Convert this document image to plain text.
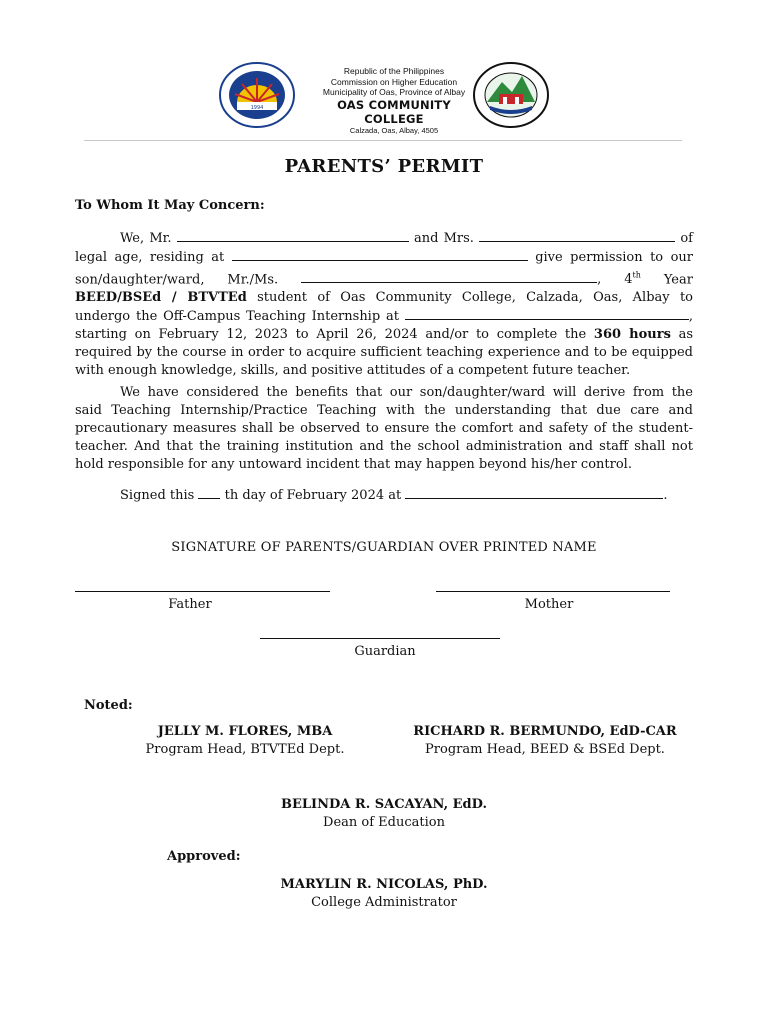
1994
Republic of the Philippines
Commission on Higher Education
Municipality of Oas, Province of Albay
OAS COMMUNITY COLLEGE
Calzada, Oas, Albay, 4505
PARENTS’ PERMIT
To Whom It May Concern:
We, Mr.	and Mrs.	of
legal age, residing at	give permission to our
son/daughter/ward, Mr./Ms.	, 4th Year
BEED/BSEd / BTVTEd student of Oas Community College, Calzada, Oas, Albay to
undergo the Off-Campus Teaching Internship at	,
starting on February 12, 2023 to April 26, 2024 and/or to complete the 360 hours as
required by the course in order to acquire sufficient teaching experience and to be equipped
with enough knowledge, skills, and positive attitudes of a competent future teacher.
We have considered the benefits that our son/daughter/ward will derive from the
said Teaching Internship/Practice Teaching with the understanding that due care and
precautionary measures shall be observed to ensure the comfort and safety of the student-
teacher. And that the training institution and the school administration and staff shall not
hold responsible for any untoward incident that may happen beyond his/her control.
Signed this th day of February 2024 at	.
SIGNATURE OF PARENTS/GUARDIAN OVER PRINTED NAME
Father	Mother
Guardian
Noted:
JELLY M. FLORES, MBA
Program Head, BTVTEd Dept.
RICHARD R. BERMUNDO, EdD-CAR
Program Head, BEED & BSEd Dept.
BELINDA R. SACAYAN, EdD.
Dean of Education
Approved:
MARYLIN R. NICOLAS, PhD.
College Administrator
